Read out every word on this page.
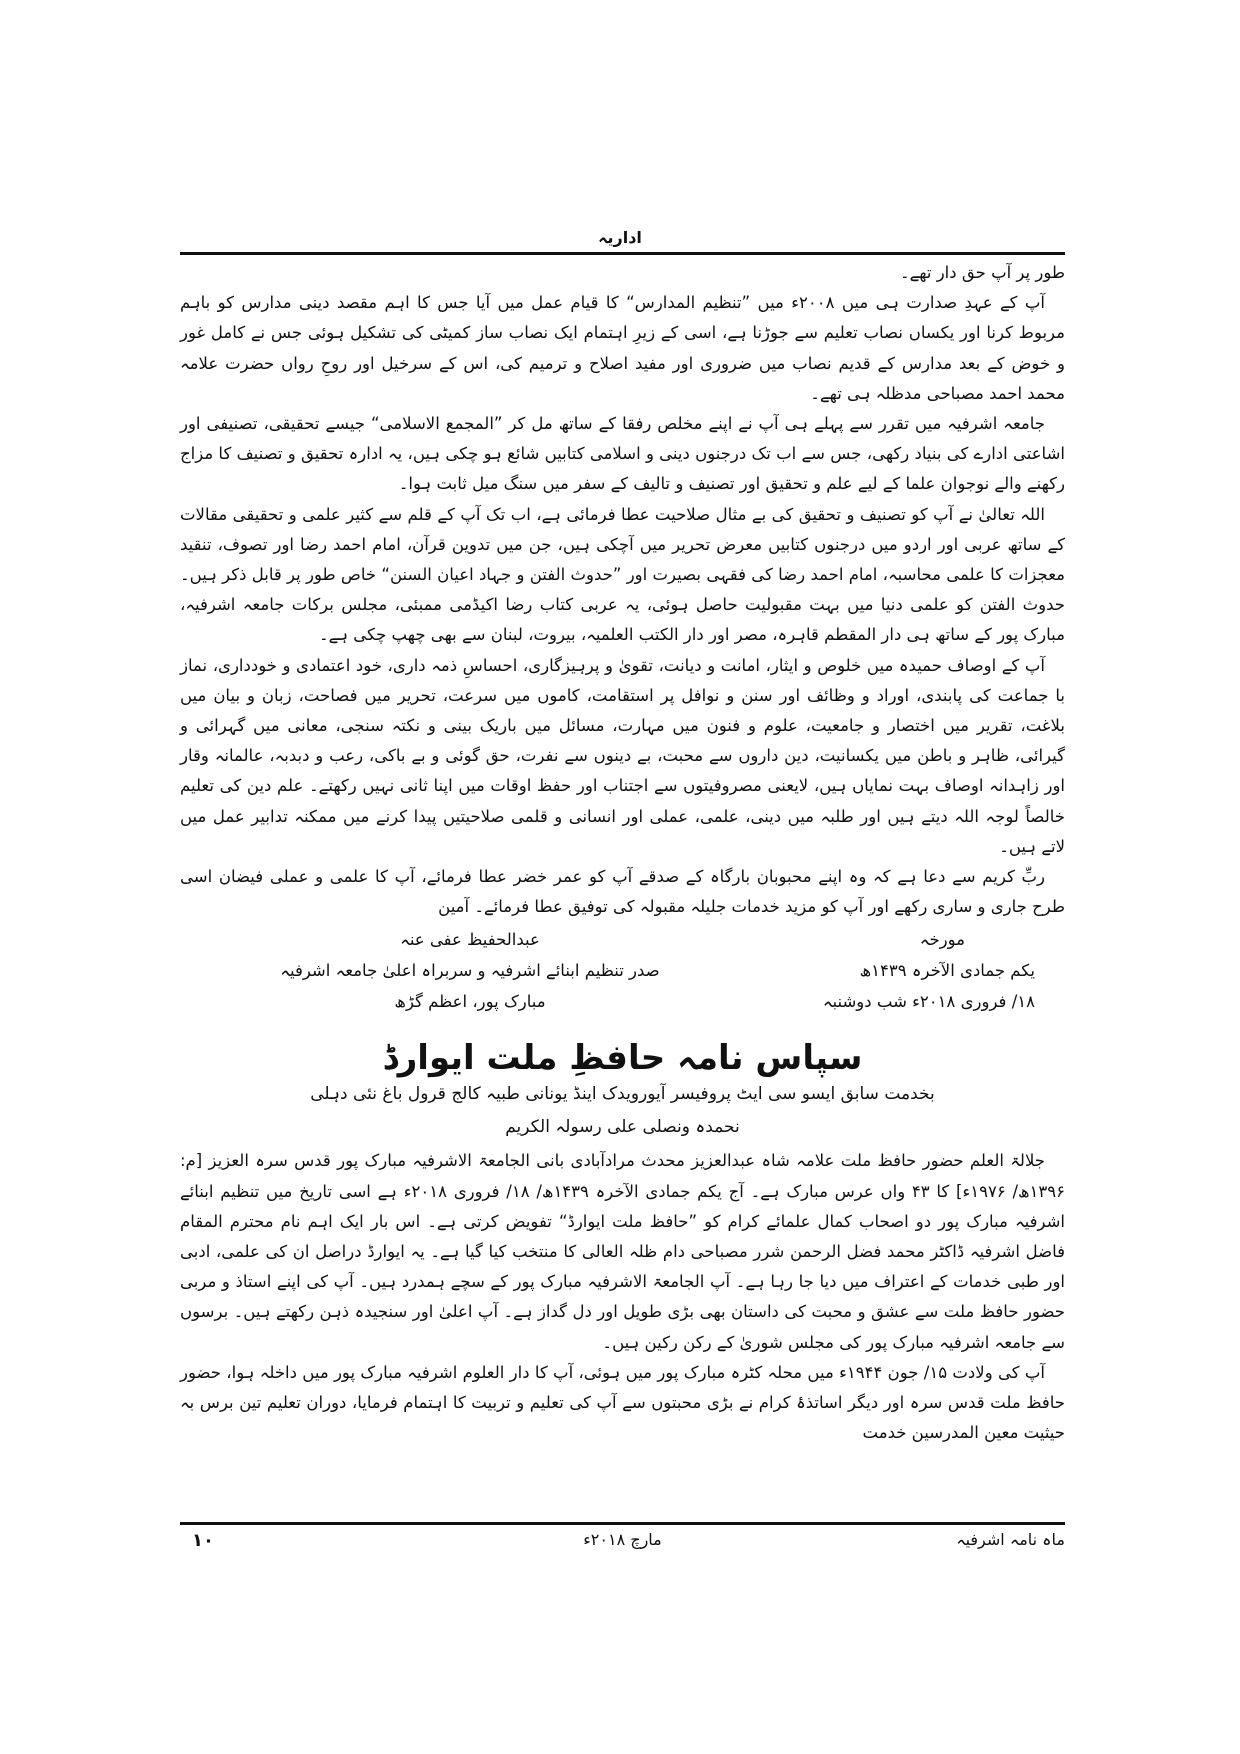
اداریہ

طور پر آپ حق دار تھے۔

آپ کے عہدِ صدارت ہی میں ۲۰۰۸ء میں ”تنظیم المدارس“ کا قیام عمل میں آیا جس کا اہم مقصد دینی مدارس کو باہم مربوط کرنا اور یکساں نصاب تعلیم سے جوڑنا ہے، اسی کے زیرِ اہتمام ایک نصاب ساز کمیٹی کی تشکیل ہوئی جس نے کامل غور و خوض کے بعد مدارس کے قدیم نصاب میں ضروری اور مفید اصلاح و ترمیم کی، اس کے سرخیل اور روحِ رواں حضرت علامہ محمد احمد مصباحی مدظلہ ہی تھے۔

جامعہ اشرفیہ میں تقرر سے پہلے ہی آپ نے اپنے مخلص رفقا کے ساتھ مل کر ”المجمع الاسلامی“ جیسے تحقیقی، تصنیفی اور اشاعتی ادارے کی بنیاد رکھی، جس سے اب تک درجنوں دینی و اسلامی کتابیں شائع ہو چکی ہیں، یہ ادارہ تحقیق و تصنیف کا مزاج رکھنے والے نوجوان علما کے لیے علم و تحقیق اور تصنیف و تالیف کے سفر میں سنگ میل ثابت ہوا۔

اللہ تعالیٰ نے آپ کو تصنیف و تحقیق کی بے مثال صلاحیت عطا فرمائی ہے، اب تک آپ کے قلم سے کثیر علمی و تحقیقی مقالات کے ساتھ عربی اور اردو میں درجنوں کتابیں معرض تحریر میں آچکی ہیں، جن میں تدوین قرآن، امام احمد رضا اور تصوف، تنقید معجزات کا علمی محاسبہ، امام احمد رضا کی فقہی بصیرت اور ”حدوث الفتن و جہاد اعیان السنن“ خاص طور پر قابل ذکر ہیں۔ حدوث الفتن کو علمی دنیا میں بہت مقبولیت حاصل ہوئی، یہ عربی کتاب رضا اکیڈمی ممبئی، مجلس برکات جامعہ اشرفیہ، مبارک پور کے ساتھ ہی دار المقطم قاہرہ، مصر اور دار الکتب العلمیہ، بیروت، لبنان سے بھی چھپ چکی ہے۔

آپ کے اوصاف حمیدہ میں خلوص و ایثار، امانت و دیانت، تقویٰ و پرہیزگاری، احساسِ ذمہ داری، خود اعتمادی و خودداری، نماز با جماعت کی پابندی، اوراد و وظائف اور سنن و نوافل پر استقامت، کاموں میں سرعت، تحریر میں فصاحت، زبان و بیان میں بلاغت، تقریر میں اختصار و جامعیت، علوم و فنون میں مہارت، مسائل میں باریک بینی و نکتہ سنجی، معانی میں گہرائی و گیرائی، ظاہر و باطن میں یکسانیت، دین داروں سے محبت، بے دینوں سے نفرت، حق گوئی و بے باکی، رعب و دبدبہ، عالمانہ وقار اور زاہدانہ اوصاف بہت نمایاں ہیں، لایعنی مصروفیتوں سے اجتناب اور حفظ اوقات میں اپنا ثانی نہیں رکھتے۔ علم دین کی تعلیم خالصاً لوجہ اللہ دیتے ہیں اور طلبہ میں دینی، علمی، عملی اور انسانی و قلمی صلاحیتیں پیدا کرنے میں ممکنہ تدابیر عمل میں لاتے ہیں۔

ربِّ کریم سے دعا ہے کہ وہ اپنے محبوبان بارگاہ کے صدقے آپ کو عمر خضر عطا فرمائے، آپ کا علمی و عملی فیضان اسی طرح جاری و ساری رکھے اور آپ کو مزید خدمات جلیلہ مقبولہ کی توفیق عطا فرمائے۔ آمین

مورخہ
یکم جمادی الآخرہ ۱۴۳۹ھ
۱۸/ فروری ۲۰۱۸ء شب دوشنبہ
عبدالحفیظ عفی عنہ
صدر تنظیم ابنائے اشرفیہ و سربراہ اعلیٰ جامعہ اشرفیہ
مبارک پور، اعظم گڑھ
سپاس نامہ حافظِ ملت ایوارڈ
بخدمت سابق ایسو سی ایٹ پروفیسر آیورویدک اینڈ یونانی طبیہ کالج قرول باغ نئی دہلی
نحمدہ ونصلی علی رسولہ الکریم

جلالۃ العلم حضور حافظ ملت علامہ شاہ عبدالعزیز محدث مرادآبادی بانی الجامعۃ الاشرفیہ مبارک پور قدس سرہ العزیز [م: ۱۳۹۶ھ/ ۱۹۷۶ء] کا ۴۳ واں عرس مبارک ہے۔ آج یکم جمادی الآخرہ ۱۴۳۹ھ/ ۱۸/ فروری ۲۰۱۸ء ہے اسی تاریخ میں تنظیم ابنائے اشرفیہ مبارک پور دو اصحاب کمال علمائے کرام کو ”حافظ ملت ایوارڈ“ تفویض کرتی ہے۔ اس بار ایک اہم نام محترم المقام فاضل اشرفیہ ڈاکٹر محمد فضل الرحمن شرر مصباحی دام ظلہ العالی کا منتخب کیا گیا ہے۔ یہ ایوارڈ دراصل ان کی علمی، ادبی اور طبی خدمات کے اعتراف میں دیا جا رہا ہے۔ آپ الجامعۃ الاشرفیہ مبارک پور کے سچے ہمدرد ہیں۔ آپ کی اپنے استاذ و مربی حضور حافظ ملت سے عشق و محبت کی داستان بھی بڑی طویل اور دل گداز ہے۔ آپ اعلیٰ اور سنجیدہ ذہن رکھتے ہیں۔ برسوں سے جامعہ اشرفیہ مبارک پور کی مجلس شوریٰ کے رکن رکین ہیں۔

آپ کی ولادت ۱۵/ جون ۱۹۴۴ء میں محلہ کٹرہ مبارک پور میں ہوئی، آپ کا دار العلوم اشرفیہ مبارک پور میں داخلہ ہوا، حضور حافظ ملت قدس سرہ اور دیگر اساتذۂ کرام نے بڑی محبتوں سے آپ کی تعلیم و تربیت کا اہتمام فرمایا، دوران تعلیم تین برس بہ حیثیت معین المدرسین خدمت

ماہ نامہ اشرفیہ
مارچ ۲۰۱۸ء
۱۰
